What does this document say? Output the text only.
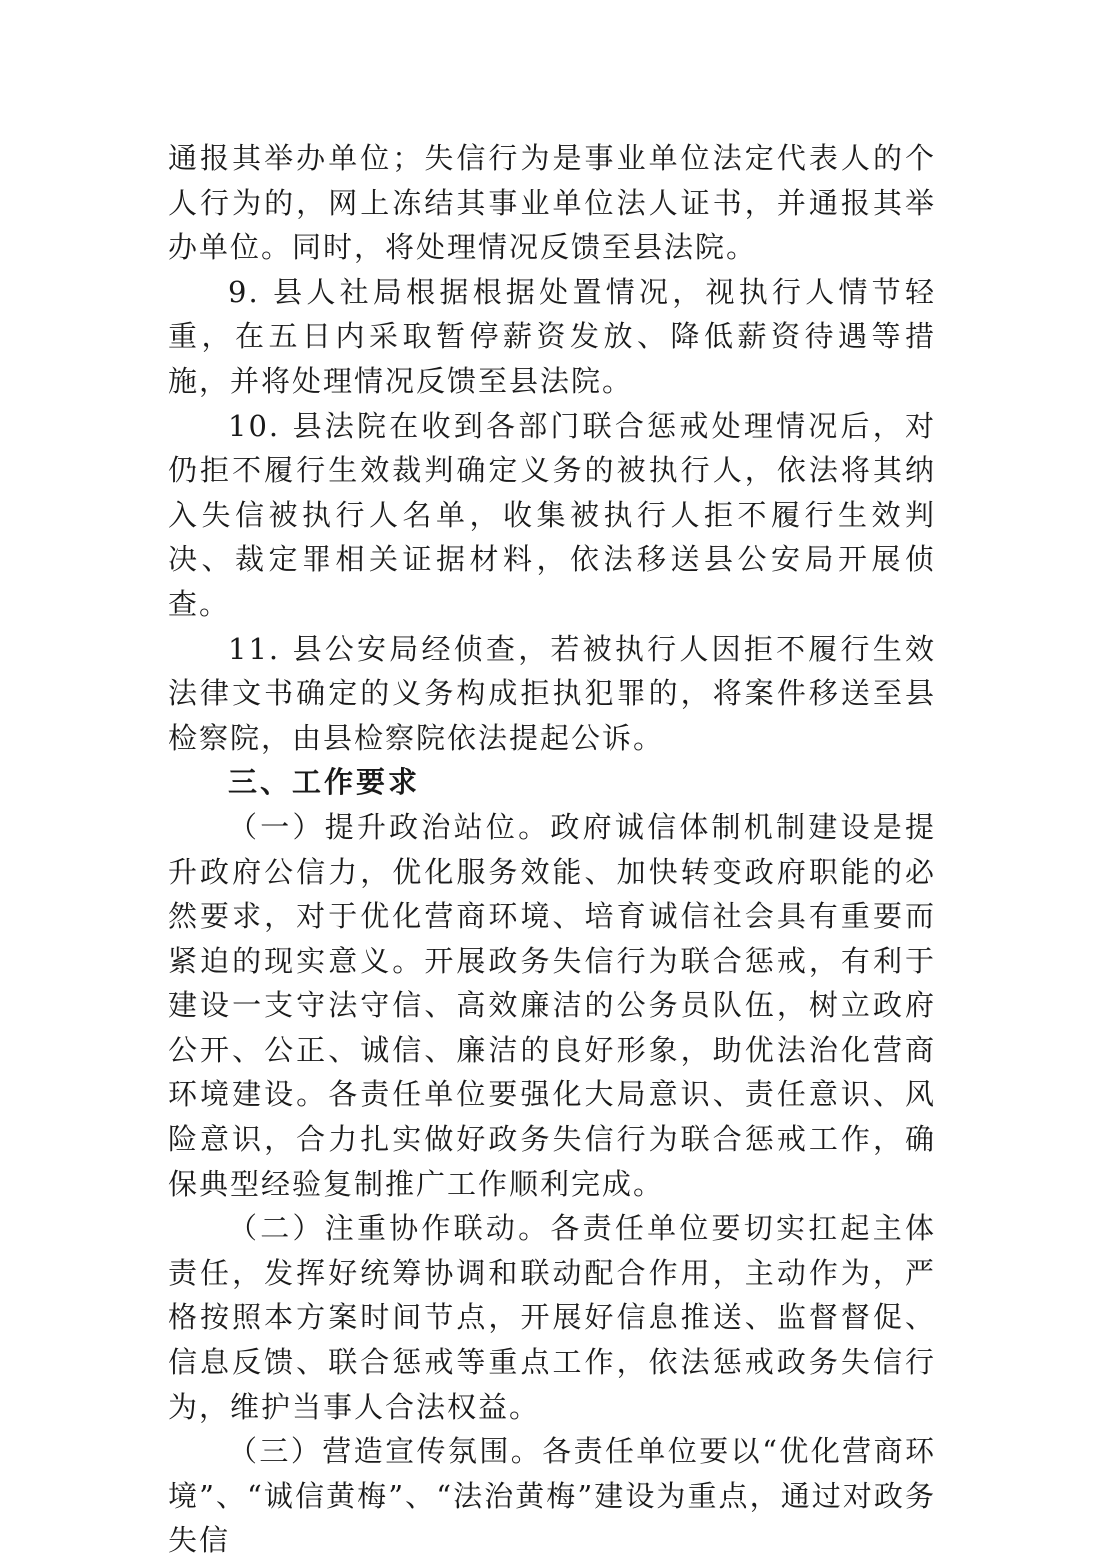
通报其举办单位；失信行为是事业单位法定代表人的个人行为的，网上冻结其事业单位法人证书，并通报其举办单位。同时，将处理情况反馈至县法院。

9. 县人社局根据根据处置情况，视执行人情节轻重，在五日内采取暂停薪资发放、降低薪资待遇等措施，并将处理情况反馈至县法院。

10. 县法院在收到各部门联合惩戒处理情况后，对仍拒不履行生效裁判确定义务的被执行人，依法将其纳入失信被执行人名单，收集被执行人拒不履行生效判决、裁定罪相关证据材料，依法移送县公安局开展侦查。

11. 县公安局经侦查，若被执行人因拒不履行生效法律文书确定的义务构成拒执犯罪的，将案件移送至县检察院，由县检察院依法提起公诉。

三、工作要求

（一）提升政治站位。政府诚信体制机制建设是提升政府公信力，优化服务效能、加快转变政府职能的必然要求，对于优化营商环境、培育诚信社会具有重要而紧迫的现实意义。开展政务失信行为联合惩戒，有利于建设一支守法守信、高效廉洁的公务员队伍，树立政府公开、公正、诚信、廉洁的良好形象，助优法治化营商环境建设。各责任单位要强化大局意识、责任意识、风险意识，合力扎实做好政务失信行为联合惩戒工作，确保典型经验复制推广工作顺利完成。

（二）注重协作联动。各责任单位要切实扛起主体责任，发挥好统筹协调和联动配合作用，主动作为，严格按照本方案时间节点，开展好信息推送、监督督促、信息反馈、联合惩戒等重点工作，依法惩戒政务失信行为，维护当事人合法权益。

（三）营造宣传氛围。各责任单位要以“优化营商环境”、“诚信黄梅”、“法治黄梅”建设为重点，通过对政务失信
